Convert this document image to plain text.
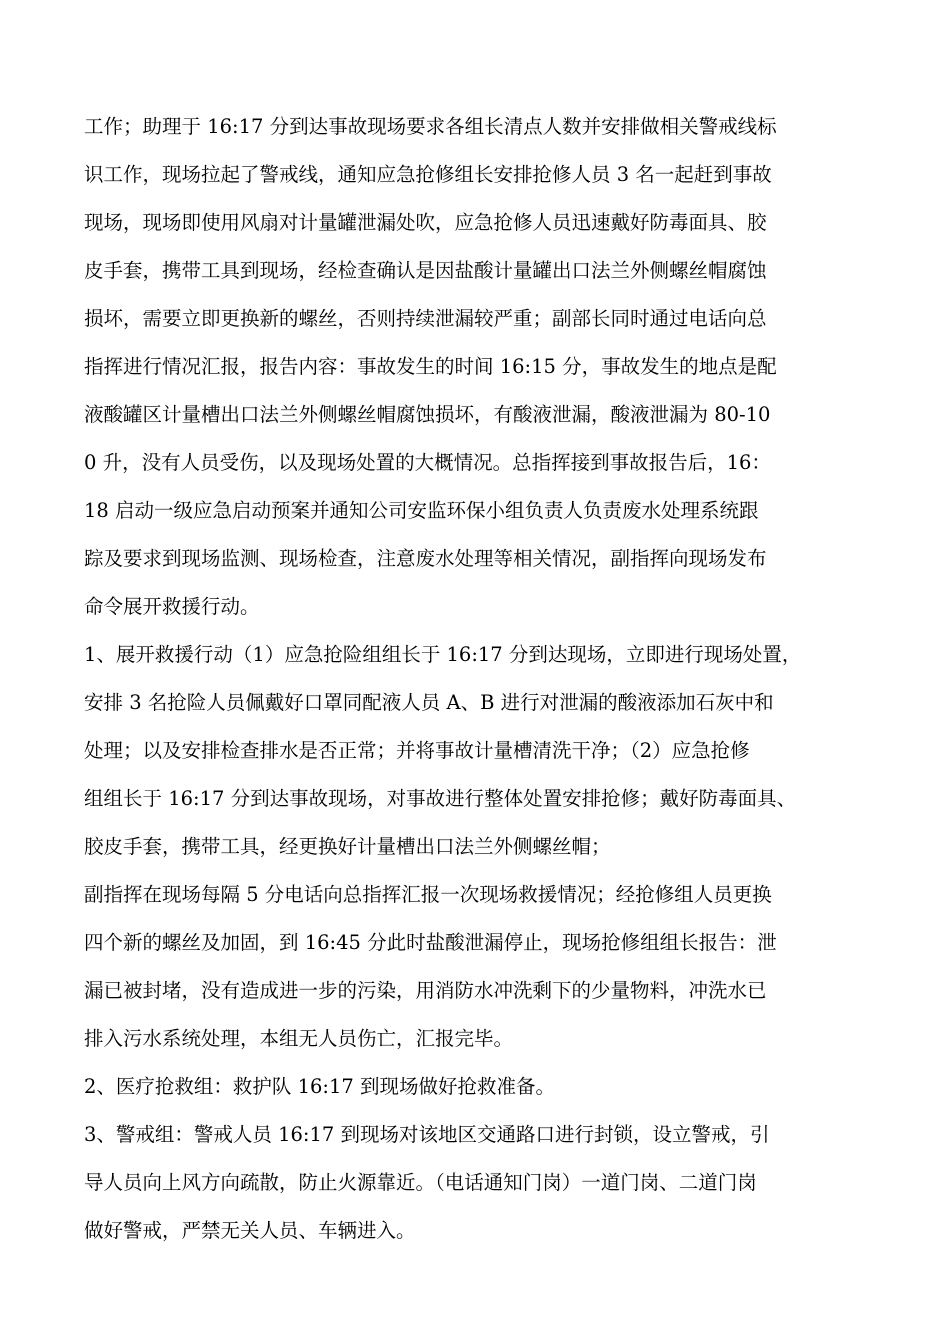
工作；助理于 16:17 分到达事故现场要求各组长清点人数并安排做相关警戒线标

识工作，现场拉起了警戒线，通知应急抢修组长安排抢修人员 3 名一起赶到事故

现场，现场即使用风扇对计量罐泄漏处吹，应急抢修人员迅速戴好防毒面具、胶

皮手套，携带工具到现场，经检查确认是因盐酸计量罐出口法兰外侧螺丝帽腐蚀

损坏，需要立即更换新的螺丝，否则持续泄漏较严重；副部长同时通过电话向总

指挥进行情况汇报，报告内容：事故发生的时间 16:15 分，事故发生的地点是配

液酸罐区计量槽出口法兰外侧螺丝帽腐蚀损坏，有酸液泄漏，酸液泄漏为 80-10

0 升，没有人员受伤，以及现场处置的大概情况。总指挥接到事故报告后，16：

18 启动一级应急启动预案并通知公司安监环保小组负责人负责废水处理系统跟

踪及要求到现场监测、现场检查，注意废水处理等相关情况，副指挥向现场发布

命令展开救援行动。

1、展开救援行动（1）应急抢险组组长于 16:17 分到达现场，立即进行现场处置，

安排 3 名抢险人员佩戴好口罩同配液人员 A、B 进行对泄漏的酸液添加石灰中和

处理；以及安排检查排水是否正常；并将事故计量槽清洗干净；（2）应急抢修

组组长于 16:17 分到达事故现场，对事故进行整体处置安排抢修；戴好防毒面具、

胶皮手套，携带工具，经更换好计量槽出口法兰外侧螺丝帽；

副指挥在现场每隔 5 分电话向总指挥汇报一次现场救援情况；经抢修组人员更换

四个新的螺丝及加固，到 16:45 分此时盐酸泄漏停止，现场抢修组组长报告：泄

漏已被封堵，没有造成进一步的污染，用消防水冲洗剩下的少量物料，冲洗水已

排入污水系统处理，本组无人员伤亡，汇报完毕。

2、医疗抢救组：救护队 16:17 到现场做好抢救准备。

3、警戒组：警戒人员 16:17 到现场对该地区交通路口进行封锁，设立警戒，引

导人员向上风方向疏散，防止火源靠近。（电话通知门岗）一道门岗、二道门岗

做好警戒，严禁无关人员、车辆进入。
